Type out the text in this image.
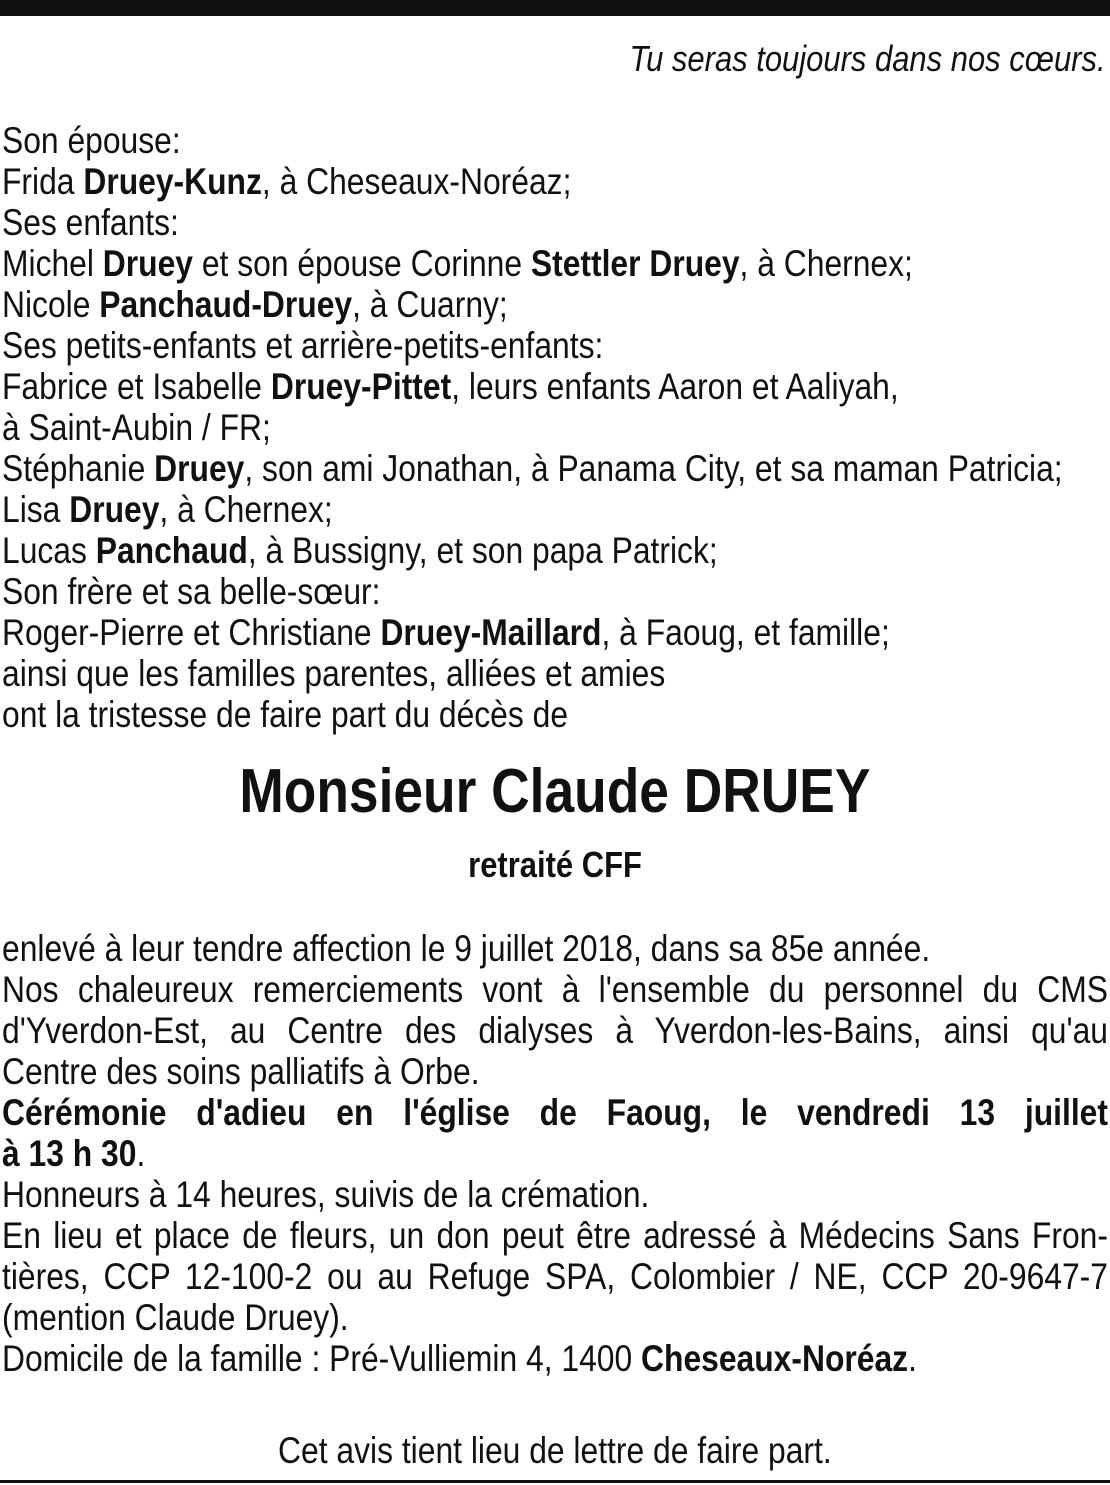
Tu seras toujours dans nos cœurs.
Son épouse:
Frida Druey-Kunz, à Cheseaux-Noréaz;
Ses enfants:
Michel Druey et son épouse Corinne Stettler Druey, à Chernex;
Nicole Panchaud-Druey, à Cuarny;
Ses petits-enfants et arrière-petits-enfants:
Fabrice et Isabelle Druey-Pittet, leurs enfants Aaron et Aaliyah,
à Saint-Aubin / FR;
Stéphanie Druey, son ami Jonathan, à Panama City, et sa maman Patricia;
Lisa Druey, à Chernex;
Lucas Panchaud, à Bussigny, et son papa Patrick;
Son frère et sa belle-sœur:
Roger-Pierre et Christiane Druey-Maillard, à Faoug, et famille;
ainsi que les familles parentes, alliées et amies
ont la tristesse de faire part du décès de
Monsieur Claude DRUEY
retraité CFF
enlevé à leur tendre affection le 9 juillet 2018, dans sa 85e année.
Nos chaleureux remerciements vont à l'ensemble du personnel du CMS
d'Yverdon-Est, au Centre des dialyses à Yverdon-les-Bains, ainsi qu'au
Centre des soins palliatifs à Orbe.
Cérémonie d'adieu en l'église de Faoug, le vendredi 13 juillet
à 13 h 30.
Honneurs à 14 heures, suivis de la crémation.
En lieu et place de fleurs, un don peut être adressé à Médecins Sans Fron-
tières, CCP 12-100-2 ou au Refuge SPA, Colombier / NE, CCP 20-9647-7
(mention Claude Druey).
Domicile de la famille : Pré-Vulliemin 4, 1400 Cheseaux-Noréaz.
Cet avis tient lieu de lettre de faire part.
